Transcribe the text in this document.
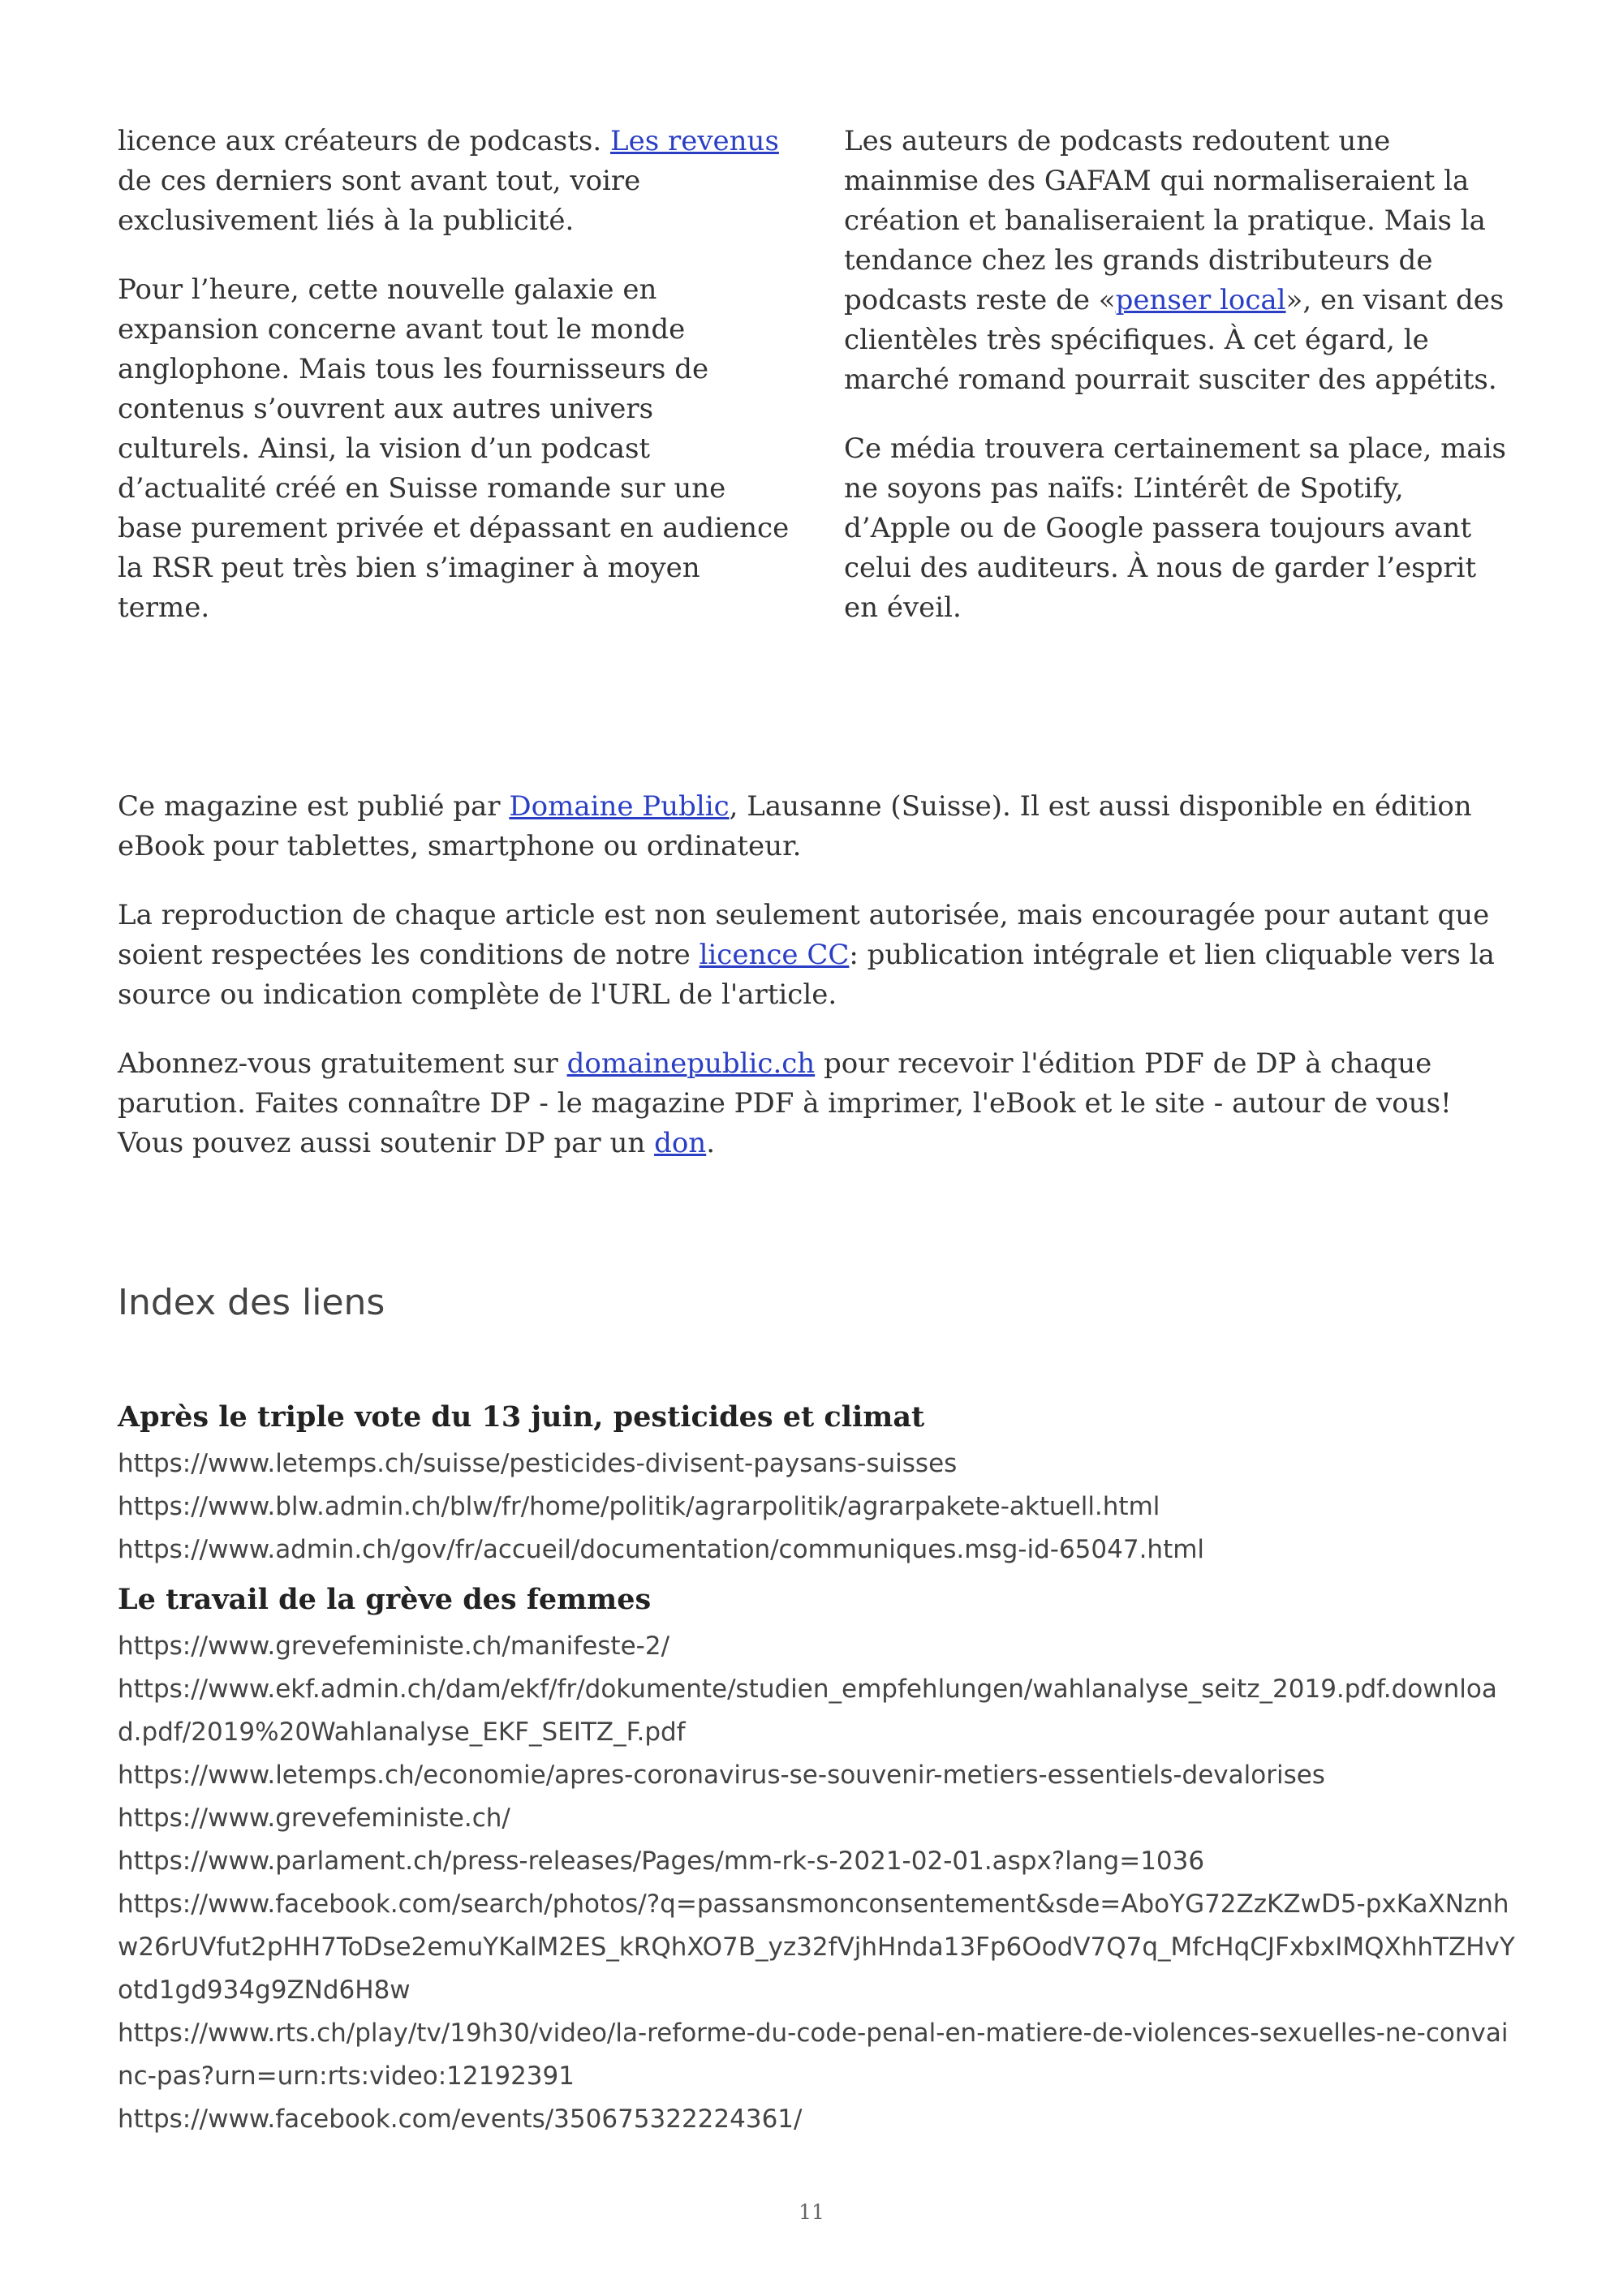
licence aux créateurs de podcasts. Les revenus de ces derniers sont avant tout, voire exclusivement liés à la publicité.

Pour l’heure, cette nouvelle galaxie en expansion concerne avant tout le monde anglophone. Mais tous les fournisseurs de contenus s’ouvrent aux autres univers culturels. Ainsi, la vision d’un podcast d’actualité créé en Suisse romande sur une base purement privée et dépassant en audience la RSR peut très bien s’imaginer à moyen terme.

Les auteurs de podcasts redoutent une mainmise des GAFAM qui normaliseraient la création et banaliseraient la pratique. Mais la tendance chez les grands distributeurs de podcasts reste de «penser local», en visant des clientèles très spécifiques. À cet égard, le marché romand pourrait susciter des appétits.

Ce média trouvera certainement sa place, mais ne soyons pas naïfs: L’intérêt de Spotify, d’Apple ou de Google passera toujours avant celui des auditeurs. À nous de garder l’esprit en éveil.

Ce magazine est publié par Domaine Public, Lausanne (Suisse). Il est aussi disponible en édition eBook pour tablettes, smartphone ou ordinateur.

La reproduction de chaque article est non seulement autorisée, mais encouragée pour autant que soient respectées les conditions de notre licence CC: publication intégrale et lien cliquable vers la source ou indication complète de l'URL de l'article.

Abonnez-vous gratuitement sur domainepublic.ch pour recevoir l'édition PDF de DP à chaque parution. Faites connaître DP - le magazine PDF à imprimer, l'eBook et le site - autour de vous! Vous pouvez aussi soutenir DP par un don.

Index des liens
Après le triple vote du 13 juin, pesticides et climat
https://www.letemps.ch/suisse/pesticides-divisent-paysans-suisses
https://www.blw.admin.ch/blw/fr/home/politik/agrarpolitik/agrarpakete-aktuell.html
https://www.admin.ch/gov/fr/accueil/documentation/communiques.msg-id-65047.html
Le travail de la grève des femmes
https://www.grevefeministe.ch/manifeste-2/
https://www.ekf.admin.ch/dam/ekf/fr/dokumente/studien_empfehlungen/wahlanalyse_seitz_2019.pdf.download.pdf/2019%20Wahlanalyse_EKF_SEITZ_F.pdf
https://www.letemps.ch/economie/apres-coronavirus-se-souvenir-metiers-essentiels-devalorises
https://www.grevefeministe.ch/
https://www.parlament.ch/press-releases/Pages/mm-rk-s-2021-02-01.aspx?lang=1036
https://www.facebook.com/search/photos/?q=passansmonconsentement&sde=AboYG72ZzKZwD5-pxKaXNznhw26rUVfut2pHH7ToDse2emuYKalM2ES_kRQhXO7B_yz32fVjhHnda13Fp6OodV7Q7q_MfcHqCJFxbxIMQXhhTZHvYotd1gd934g9ZNd6H8w
https://www.rts.ch/play/tv/19h30/video/la-reforme-du-code-penal-en-matiere-de-violences-sexuelles-ne-convainc-pas?urn=urn:rts:video:12192391
https://www.facebook.com/events/350675322224361/

11
